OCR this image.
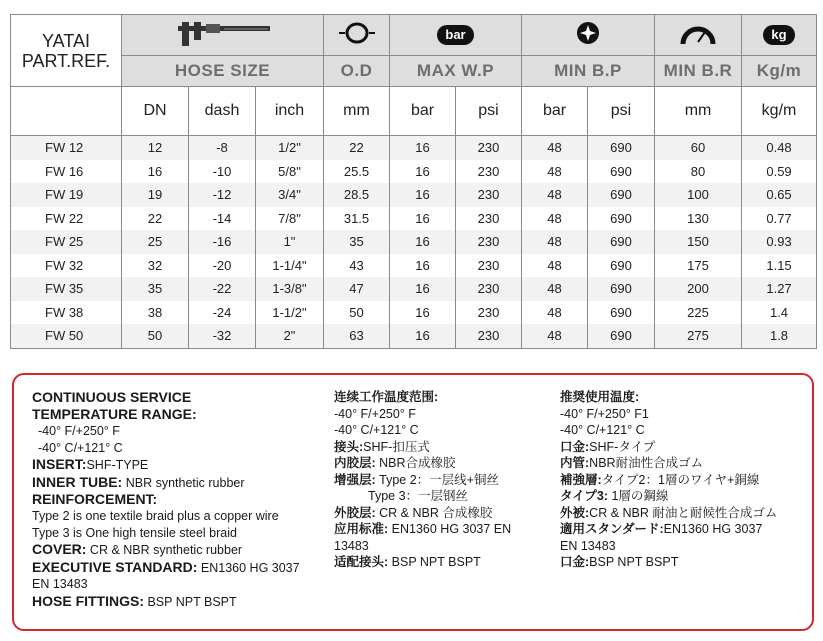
YATAI
PART.REF.					bar					kg
	HOSE SIZE			O.D	MAX W.P		MIN B.P		MIN B.R	Kg/m
	DN	dash	inch	mm	bar	psi	bar	psi	mm	kg/m
FW 12	12	-8	1/2"	22	16	230	48	690	60	0.48
FW 16	16	-10	5/8"	25.5	16	230	48	690	80	0.59
FW 19	19	-12	3/4"	28.5	16	230	48	690	100	0.65
FW 22	22	-14	7/8"	31.5	16	230	48	690	130	0.77
FW 25	25	-16	1"	35	16	230	48	690	150	0.93
FW 32	32	-20	1-1/4"	43	16	230	48	690	175	1.15
FW 35	35	-22	1-3/8"	47	16	230	48	690	200	1.27
FW 38	38	-24	1-1/2"	50	16	230	48	690	225	1.4
FW 50	50	-32	2"	63	16	230	48	690	275	1.8
CONTINUOUS SERVICE
TEMPERATURE RANGE:
-40° F/+250° F
-40° C/+121° C
INSERT:SHF-TYPE
INNER TUBE: NBR synthetic rubber
REINFORCEMENT:
Type 2 is one textile braid plus a copper wire
Type 3 is One high tensile steel braid
COVER: CR & NBR synthetic rubber
EXECUTIVE STANDARD: EN1360 HG 3037
EN 13483
HOSE FITTINGS: BSP NPT BSPT
连续工作温度范围:
-40° F/+250° F
-40° C/+121° C
接头:SHF-扣压式
内胶层: NBR合成橡胶
增强层: Type 2：一层线+铜丝
Type 3：一层钢丝
外胶层: CR & NBR 合成橡胶
应用标准: EN1360 HG 3037 EN
13483
适配接头: BSP NPT BSPT
推奨使用温度:
-40° F/+250° F1
-40° C/+121° C
口金:SHF-タイプ
内管:NBR耐油性合成ゴム
補強層:タイプ2：1層のワイヤ+銅線
タイプ3: 1層の鋼線
外被:CR & NBR 耐油と耐候性合成ゴム
適用スタンダード:EN1360 HG 3037
EN 13483
口金:BSP NPT BSPT
